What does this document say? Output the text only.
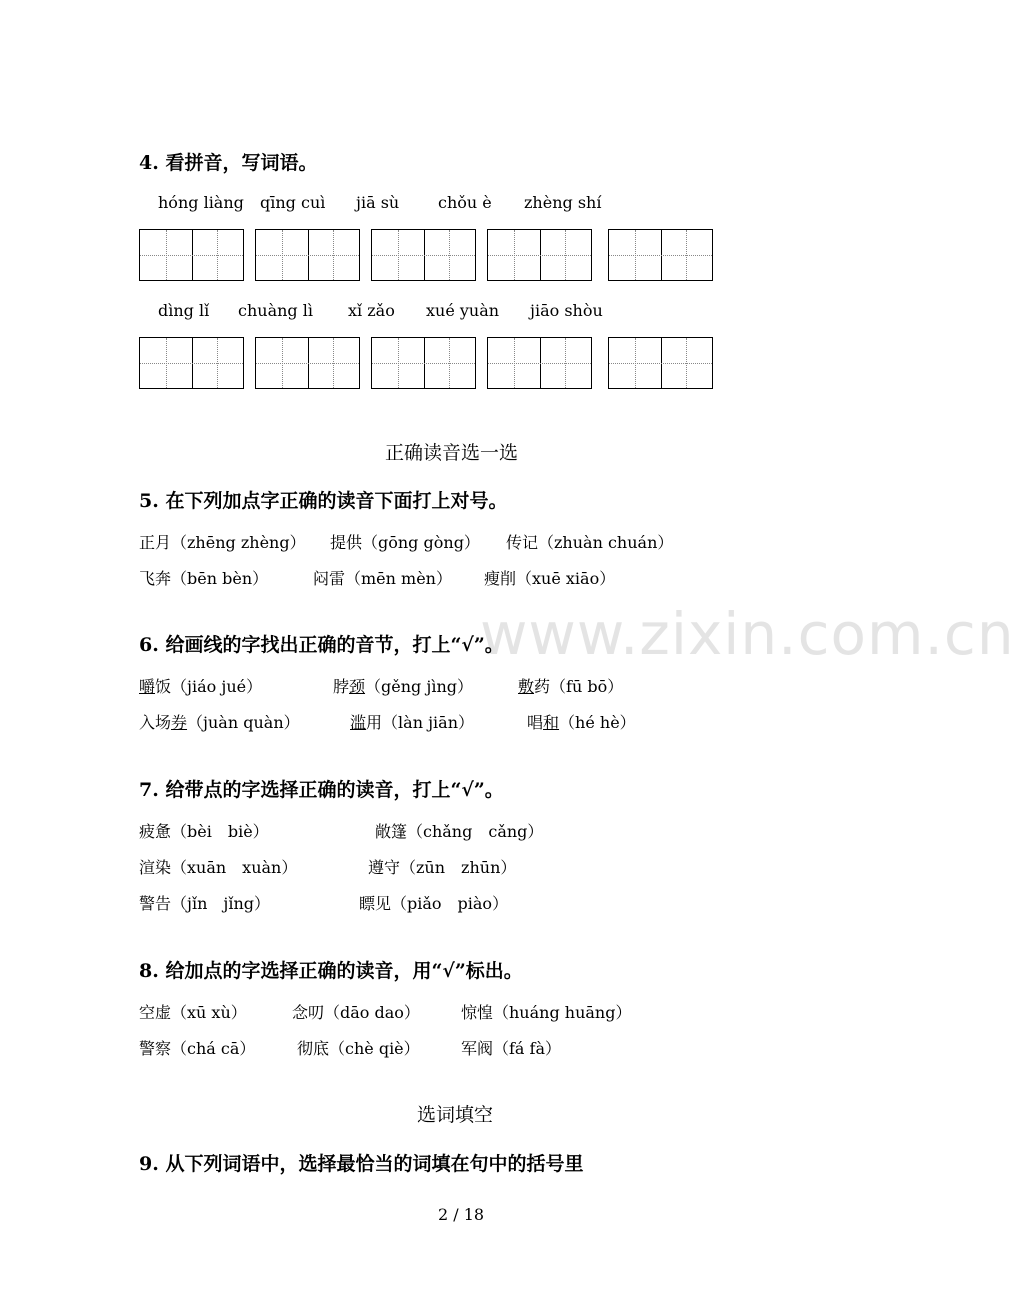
www.zixin.com.cn
4. 看拼音，写词语。
hóng liàng qīng cuì jiā sù chǒu è zhèng shí
dìng lǐ chuàng lì xǐ zǎo xué yuàn jiāo shòu
正确读音选一选
5. 在下列加点字正确的读音下面打上对号。
正月（zhēng zhèng） 提供（gōng gòng） 传记（zhuàn chuán）
飞奔（bēn bèn）	闷雷（mēn mèn） 瘦削（xuē xiāo）
6. 给画线的字找出正确的音节，打上“√”。
嚼饭（jiáo jué）	脖颈（gěng jìng）	敷药（fū bō）
入场券（juàn quàn）	滥用（làn jiān）	唱和（hé hè）
7. 给带点的字选择正确的读音，打上“√”。
疲惫（bèi　biè）	敞篷（chǎng　cǎng）
渲染（xuān　xuàn）	遵守（zūn　zhūn）
警告（jǐn　jǐng）	瞟见（piǎo　piào）
8. 给加点的字选择正确的读音，用“√”标出。
空虚（xū xù）	念叨（dāo dao）	惊惶（huáng huāng）
警察（chá cā）	彻底（chè qiè）	军阀（fá fà）
选词填空
9. 从下列词语中，选择最恰当的词填在句中的括号里
2 / 18
